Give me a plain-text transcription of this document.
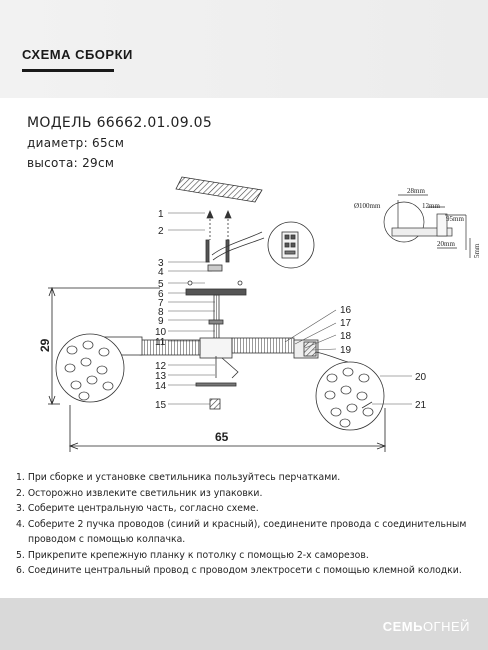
СХЕМА СБОРКИ
МОДЕЛЬ 66662.01.09.05
диаметр: 65см
высота: 29см
28mm
12mm
95mm
Ø100mm
20mm	5mm
29
65
1
2
3
4
5
6
7
8
9
10
11
12
13
14
15
16
17
18
19
20
21
1. При сборке и установке светильника пользуйтесь перчатками.
2. Осторожно извлеките светильник из упаковки.
3. Соберите центральную часть, согласно схеме.
4. Соберите 2 пучка проводов (синий и красный), соединените провода с соединительным
проводом с помощью колпачка.
5. Прикрепите крепежную планку к потолку с помощью 2-х саморезов.
6. Соедините центральный провод с проводом электросети с помощью клемной колодки.
СЕМЬОГНЕЙ
